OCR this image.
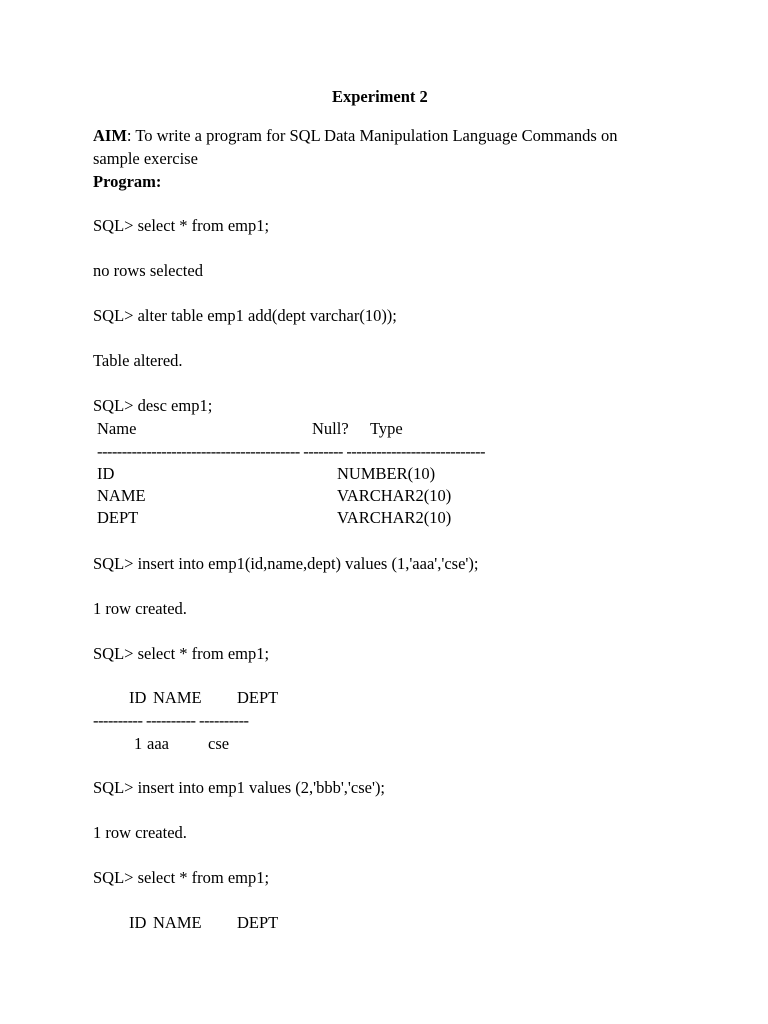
Experiment 2
AIM: To write a program for SQL Data Manipulation Language Commands on
sample exercise
Program:
SQL> select * from emp1;
no rows selected
SQL> alter table emp1 add(dept varchar(10));
Table altered.
SQL> desc emp1;
Name	Null? Type
----------------------------------------- -------- ----------------------------
ID	NUMBER(10)
NAME	VARCHAR2(10)
DEPT	VARCHAR2(10)
SQL> insert into emp1(id,name,dept) values (1,'aaa','cse');
1 row created.
SQL> select * from emp1;
ID NAME DEPT
---------- ---------- ----------
1 aaa cse
SQL> insert into emp1 values (2,'bbb','cse');
1 row created.
SQL> select * from emp1;
ID NAME DEPT
